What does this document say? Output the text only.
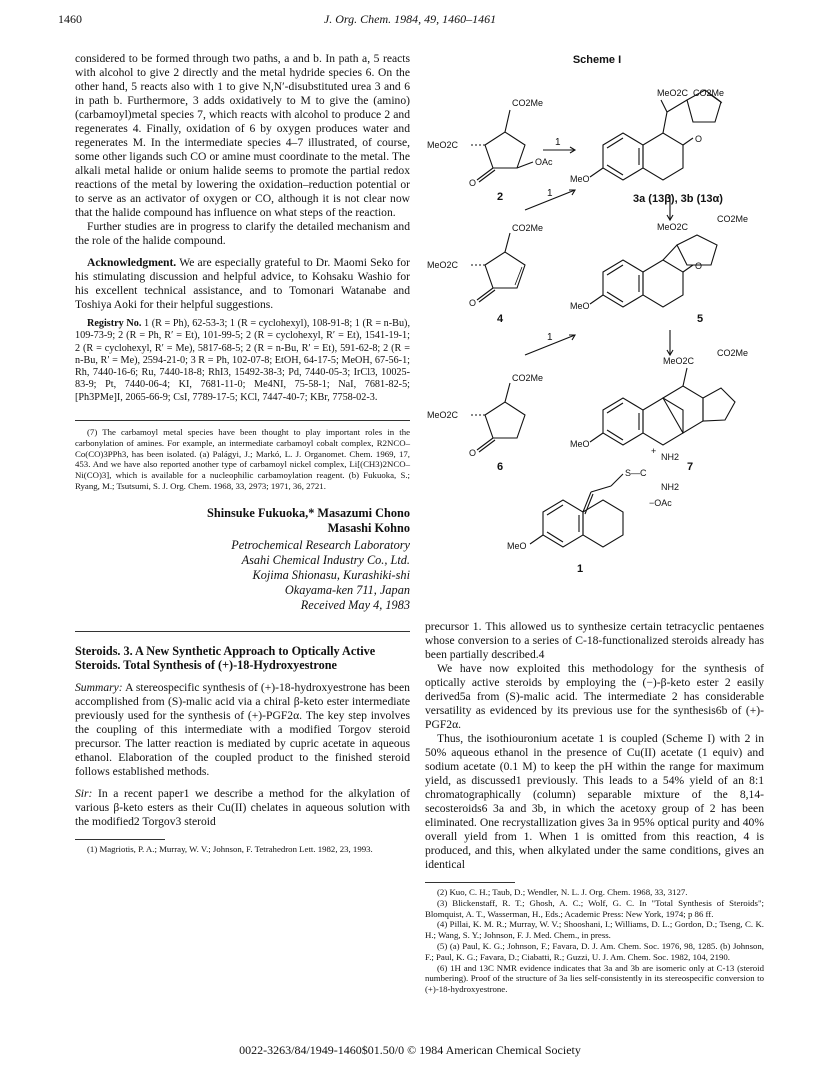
1460	J. Org. Chem. 1984, 49, 1460–1461

considered to be formed through two paths, a and b. In path a, 5 reacts with alcohol to give 2 directly and the metal hydride species 6. On the other hand, 5 reacts also with 1 to give N,N′-disubstituted urea 3 and 6 in path b. Furthermore, 3 adds oxidatively to M to give the (amino)(carbamoyl)metal species 7, which reacts with alcohol to produce 2 and regenerates 4. Finally, oxidation of 6 by oxygen produces water and regenerates M. In the intermediate species 4–7 illustrated, of course, some other ligands such CO or amine must coordinate to the metal. The alkali metal halide or onium halide seems to promote the partial redox reactions of the metal by lowering the oxidation–reduction potential or to serve as an activator of oxygen or CO, although it is not clear now that the halide compound has influence on what steps of the reaction.

Further studies are in progress to clarify the detailed mechanism and the role of the halide compound.

Acknowledgment. We are especially grateful to Dr. Maomi Seko for his stimulating discussion and helpful advice, to Kohsaku Washio for his excellent technical assistance, and to Tomonari Watanabe and Toshiya Aoki for their helpful suggestions.

Registry No. 1 (R = Ph), 62-53-3; 1 (R = cyclohexyl), 108-91-8; 1 (R = n-Bu), 109-73-9; 2 (R = Ph, R′ = Et), 101-99-5; 2 (R = cyclohexyl, R′ = Et), 1541-19-1; 2 (R = cyclohexyl, R′ = Me), 5817-68-5; 2 (R = n-Bu, R′ = Et), 591-62-8; 2 (R = n-Bu, R′ = Me), 2594-21-0; 3 R = Ph, 102-07-8; EtOH, 64-17-5; MeOH, 67-56-1; Rh, 7440-16-6; Ru, 7440-18-8; RhI3, 15492-38-3; Pd, 7440-05-3; IrCl3, 10025-83-9; Pt, 7440-06-4; KI, 7681-11-0; Me4NI, 75-58-1; NaI, 7681-82-5; [Ph3PMe]I, 2065-66-9; CsI, 7789-17-5; KCl, 7447-40-7; KBr, 7758-02-3.

(7) The carbamoyl metal species have been thought to play important roles in the carbonylation of amines. For example, an intermediate carbamoyl cobalt complex, R2NCO–Co(CO)3PPh3, has been isolated. (a) Palágyi, J.; Markó, L. J. Organomet. Chem. 1969, 17, 453. And we have also reported another type of carbamoyl nickel complex, Li[(CH3)2NCO–Ni(CO)3], which is available for a nucleophilic carbamoylation reagent. (b) Fukuoka, S.; Ryang, M.; Tsutsumi, S. J. Org. Chem. 1968, 33, 2973; 1971, 36, 2721.

Shinsuke Fukuoka,* Masazumi Chono
Masashi Kohno
Petrochemical Research Laboratory
Asahi Chemical Industry Co., Ltd.
Kojima Shionasu, Kurashiki-shi
Okayama-ken 711, Japan
Received May 4, 1983
Steroids. 3. A New Synthetic Approach to Optically Active Steroids. Total Synthesis of (+)-18-Hydroxyestrone

Summary: A stereospecific synthesis of (+)-18-hydroxyestrone has been accomplished from (S)-malic acid via a chiral β-keto ester intermediate previously used for the synthesis of (+)-PGF2α. The key step involves the coupling of this intermediate with a modified Torgov steroid precursor. The latter reaction is mediated by cupric acetate in aqueous ethanol. Elaboration of the coupled product to the finished steroid follows established methods.

Sir: In a recent paper1 we describe a method for the alkylation of various β-keto esters as their Cu(II) chelates in aqueous solution with the modified2 Torgov3 steroid

(1) Magriotis, P. A.; Murray, W. V.; Johnson, F. Tetrahedron Lett. 1982, 23, 1993.

Scheme I
CO2Me
MeO2C
OAc
O
2
1
MeO2C CO2Me
O
MeO
3a (13β), 3b (13α)
1
CO2Me
MeO2C
O
4
MeO2C
CO2Me
O
MeO
5
1
CO2Me
MeO2C
O
6
MeO2C
CO2Me
MeO
7
S—C
NH2
+
NH2
−OAc
MeO
1

precursor 1. This allowed us to synthesize certain tetracyclic pentaenes whose conversion to a series of C-18-functionalized steroids already has been partially described.4

We have now exploited this methodology for the synthesis of optically active steroids by employing the (−)-β-keto ester 2 easily derived5a from (S)-malic acid. The intermediate 2 has considerable versatility as evidenced by its previous use for the synthesis6b of (+)-PGF2α.

Thus, the isothiouronium acetate 1 is coupled (Scheme I) with 2 in 50% aqueous ethanol in the presence of Cu(II) acetate (1 equiv) and sodium acetate (0.1 M) to keep the pH within the range for maximum yield, as discussed1 previously. This leads to a 54% yield of an 8:1 chromatographically (column) separable mixture of the 8,14-secosteroids6 3a and 3b, in which the acetoxy group of 2 has been eliminated. One recrystallization gives 3a in 95% optical purity and 40% overall yield from 1. When 1 is omitted from this reaction, 4 is produced, and this, when alkylated under the same conditions, gives an identical

(2) Kuo, C. H.; Taub, D.; Wendler, N. L. J. Org. Chem. 1968, 33, 3127.

(3) Blickenstaff, R. T.; Ghosh, A. C.; Wolf, G. C. In "Total Synthesis of Steroids"; Blomquist, A. T., Wasserman, H., Eds.; Academic Press: New York, 1974; p 86 ff.

(4) Pillai, K. M. R.; Murray, W. V.; Shooshani, I.; Williams, D. L.; Gordon, D.; Tseng, C. K. H.; Wang, S. Y.; Johnson, F. J. Med. Chem., in press.

(5) (a) Paul, K. G.; Johnson, F.; Favara, D. J. Am. Chem. Soc. 1976, 98, 1285. (b) Johnson, F.; Paul, K. G.; Favara, D.; Ciabatti, R.; Guzzi, U. J. Am. Chem. Soc. 1982, 104, 2190.

(6) 1H and 13C NMR evidence indicates that 3a and 3b are isomeric only at C-13 (steroid numbering). Proof of the structure of 3a lies self-consistently in its stereospecific conversion to (+)-18-hydroxyestrone.

0022-3263/84/1949-1460$01.50/0 © 1984 American Chemical Society
